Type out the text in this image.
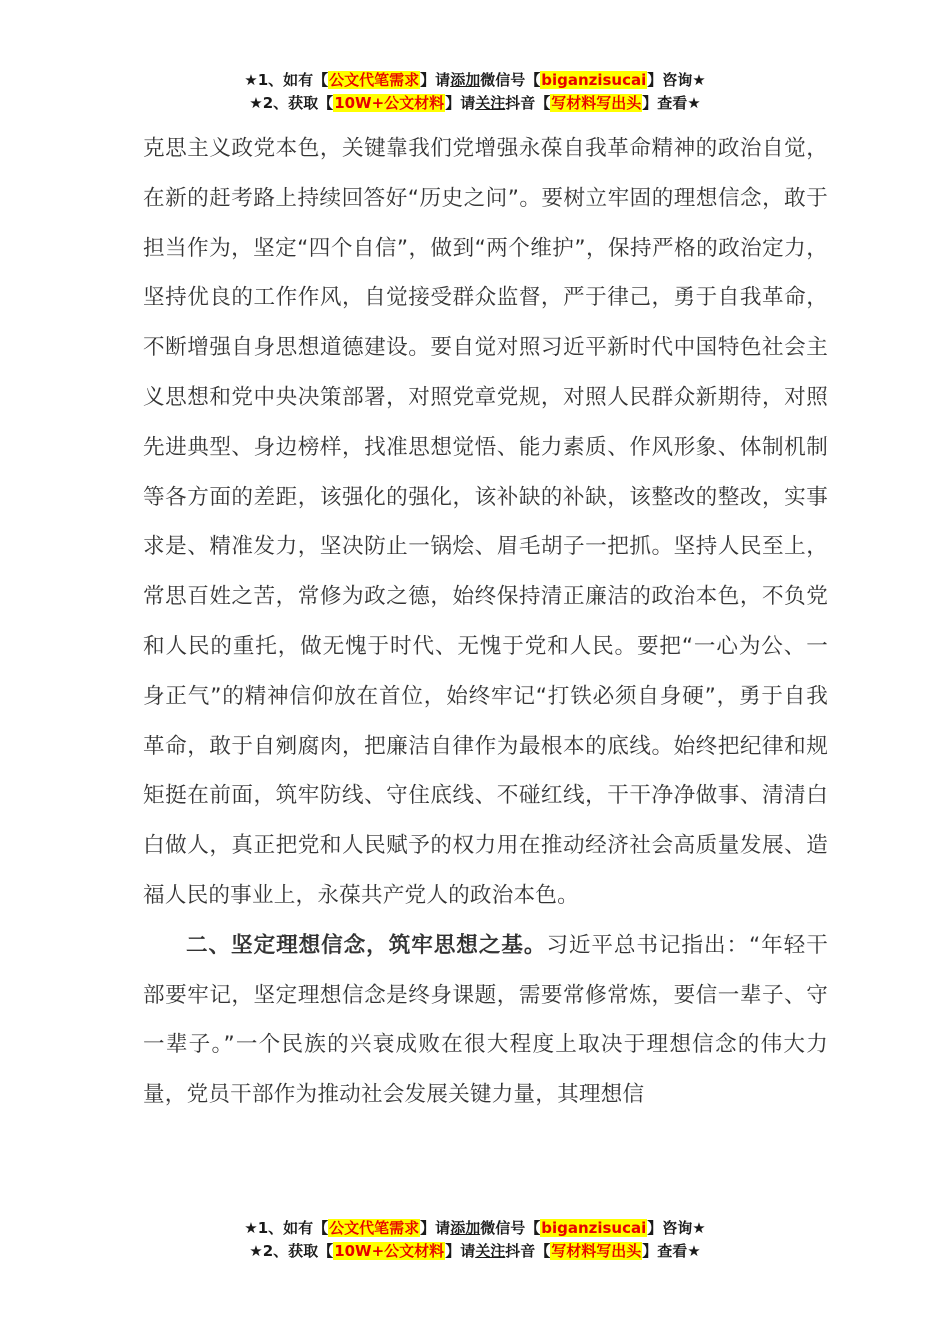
★1、如有【公文代笔需求】请添加微信号【biganzisucai】咨询★
★2、获取【10W+公文材料】请关注抖音【写材料写出头】查看★

克思主义政党本色，关键靠我们党增强永葆自我革命精神的政治自觉，在新的赶考路上持续回答好“历史之问”。要树立牢固的理想信念，敢于担当作为，坚定“四个自信”，做到“两个维护”，保持严格的政治定力，坚持优良的工作作风，自觉接受群众监督，严于律己，勇于自我革命，不断增强自身思想道德建设。要自觉对照习近平新时代中国特色社会主义思想和党中央决策部署，对照党章党规，对照人民群众新期待，对照先进典型、身边榜样，找准思想觉悟、能力素质、作风形象、体制机制等各方面的差距，该强化的强化，该补缺的补缺，该整改的整改，实事求是、精准发力，坚决防止一锅烩、眉毛胡子一把抓。坚持人民至上，常思百姓之苦，常修为政之德，始终保持清正廉洁的政治本色，不负党和人民的重托，做无愧于时代、无愧于党和人民。要把“一心为公、一身正气”的精神信仰放在首位，始终牢记“打铁必须自身硬”，勇于自我革命，敢于自剜腐肉，把廉洁自律作为最根本的底线。始终把纪律和规矩挺在前面，筑牢防线、守住底线、不碰红线，干干净净做事、清清白白做人，真正把党和人民赋予的权力用在推动经济社会高质量发展、造福人民的事业上，永葆共产党人的政治本色。

二、坚定理想信念，筑牢思想之基。习近平总书记指出：“年轻干部要牢记，坚定理想信念是终身课题，需要常修常炼，要信一辈子、守一辈子。”一个民族的兴衰成败在很大程度上取决于理想信念的伟大力量，党员干部作为推动社会发展关键力量，其理想信

★1、如有【公文代笔需求】请添加微信号【biganzisucai】咨询★
★2、获取【10W+公文材料】请关注抖音【写材料写出头】查看★
